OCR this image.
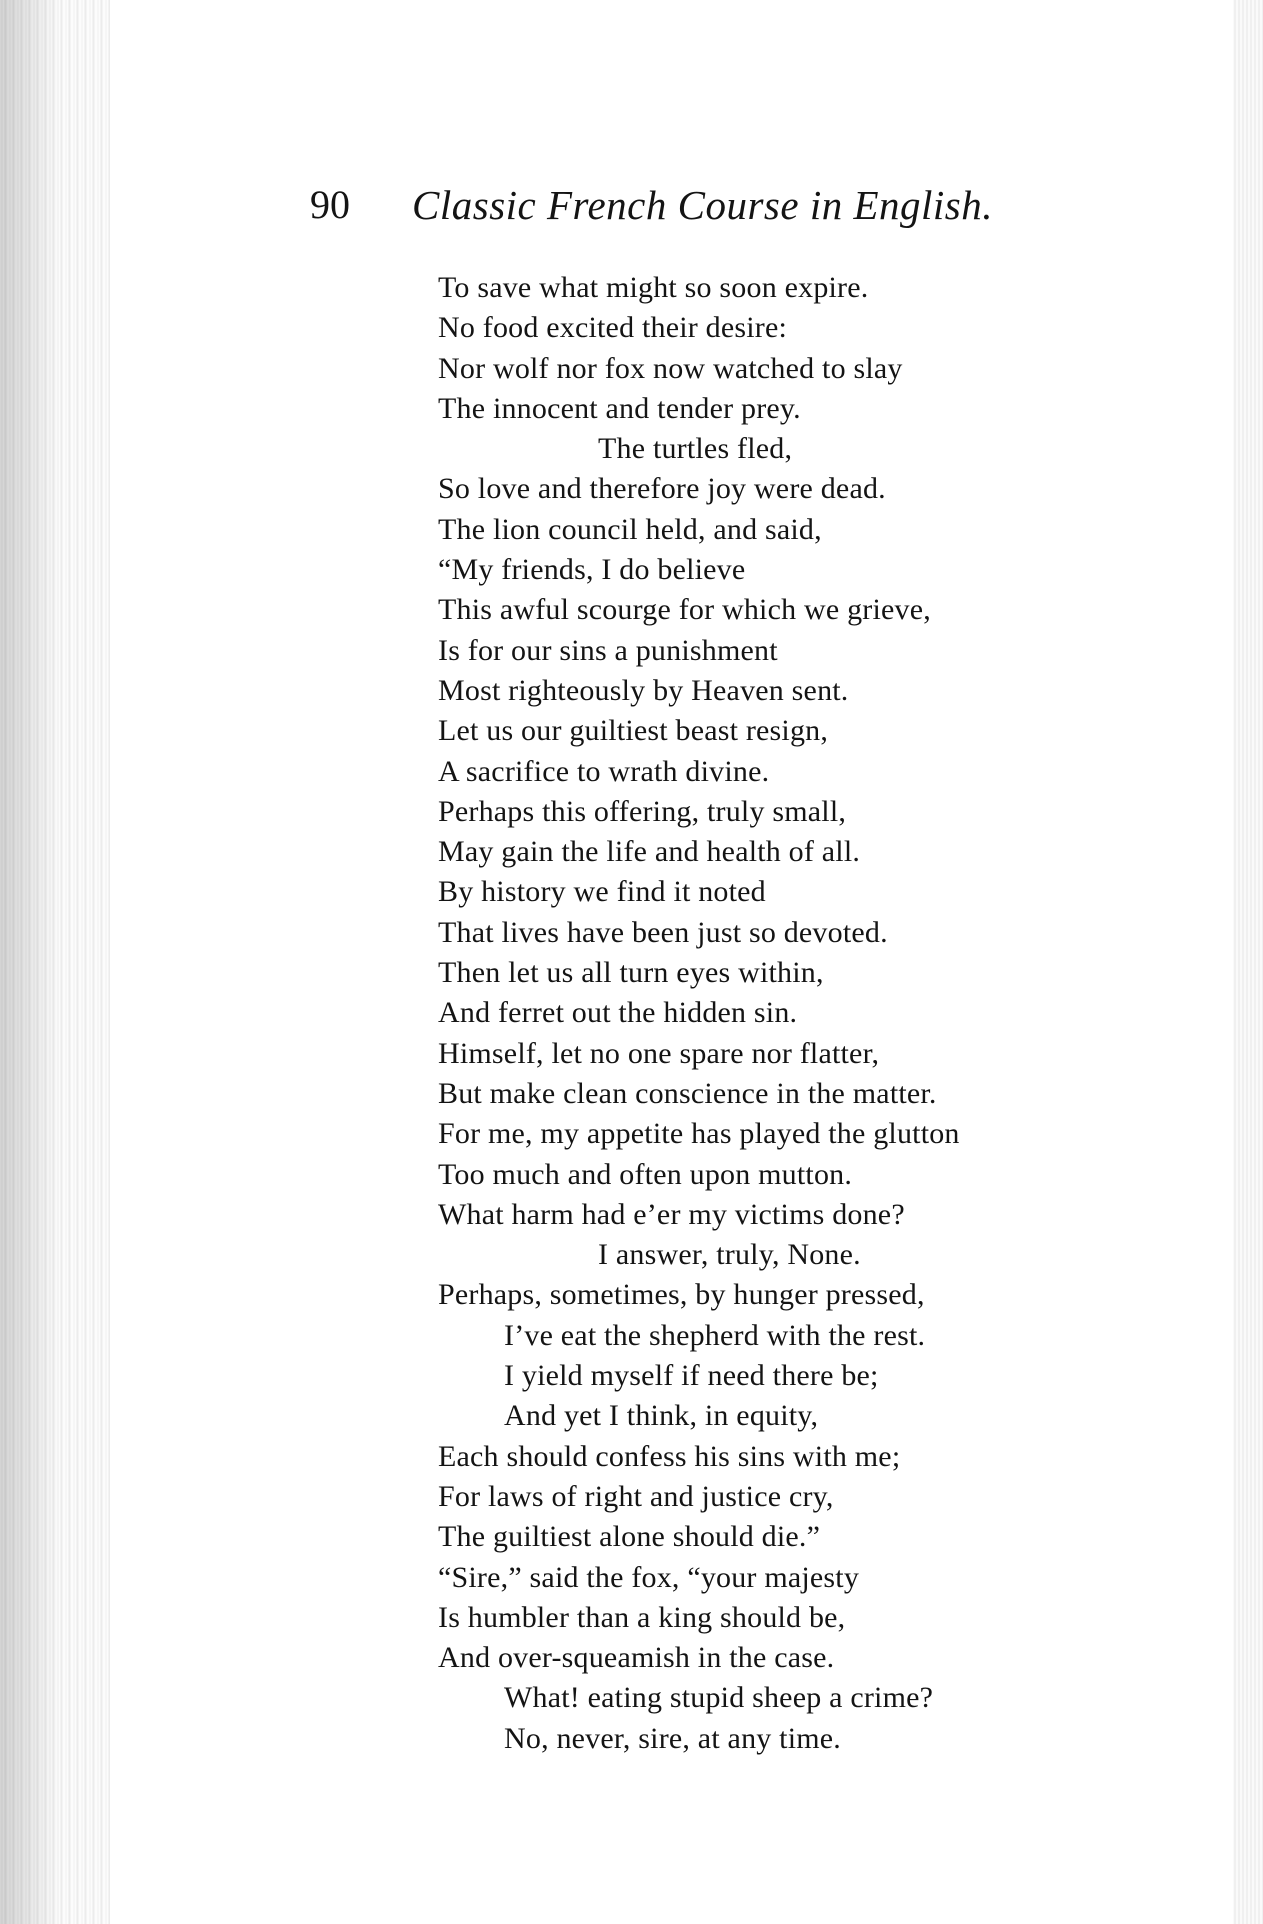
90 Classic French Course in English.
To save what might so soon expire.
No food excited their desire:
Nor wolf nor fox now watched to slay
The innocent and tender prey.
The turtles fled,
So love and therefore joy were dead.
The lion council held, and said,
“My friends, I do believe
This awful scourge for which we grieve,
Is for our sins a punishment
Most righteously by Heaven sent.
Let us our guiltiest beast resign,
A sacrifice to wrath divine.
Perhaps this offering, truly small,
May gain the life and health of all.
By history we find it noted
That lives have been just so devoted.
Then let us all turn eyes within,
And ferret out the hidden sin.
Himself, let no one spare nor flatter,
But make clean conscience in the matter.
For me, my appetite has played the glutton
Too much and often upon mutton.
What harm had e’er my victims done?
I answer, truly, None.
Perhaps, sometimes, by hunger pressed,
I’ve eat the shepherd with the rest.
I yield myself if need there be;
And yet I think, in equity,
Each should confess his sins with me;
For laws of right and justice cry,
The guiltiest alone should die.”
“Sire,” said the fox, “your majesty
Is humbler than a king should be,
And over-squeamish in the case.
What! eating stupid sheep a crime?
No, never, sire, at any time.
